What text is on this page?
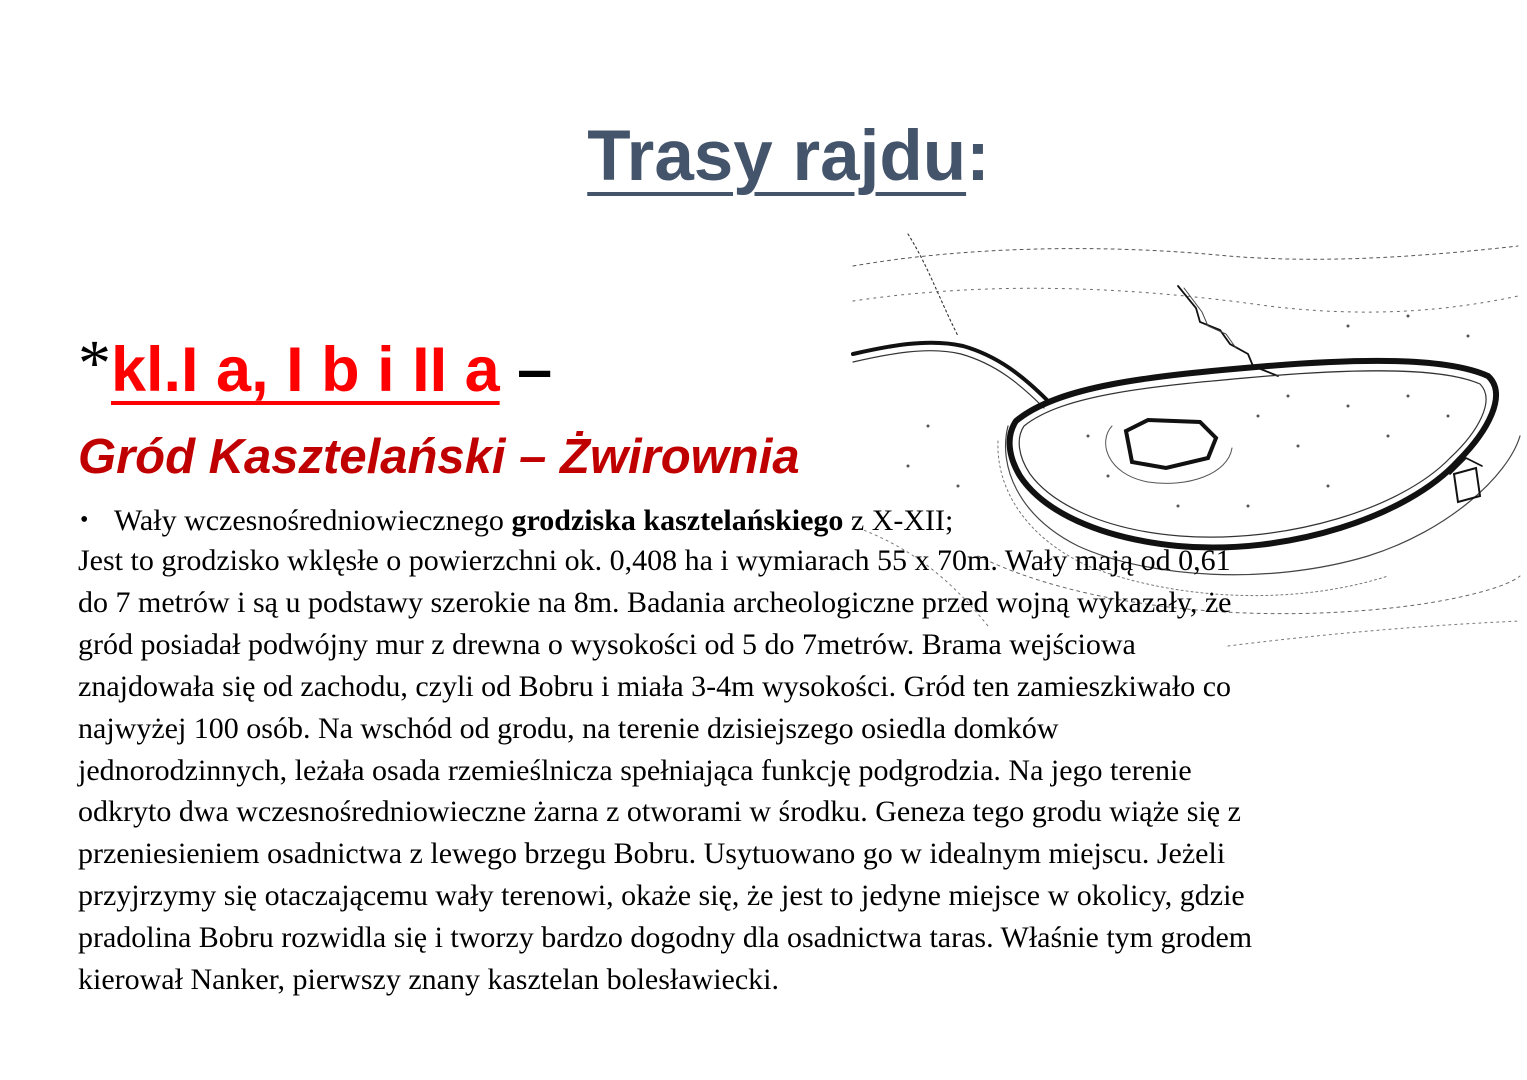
Trasy rajdu:

*kl.I a, I b i II a –

Gród Kasztelański – Żwirownia

• Wały wczesnośredniowiecznego grodziska kasztelańskiego z X-XII;

Jest to grodzisko wklęsłe o powierzchni ok. 0,408 ha i wymiarach 55 x 70m. Wały mają od 0,61
do 7 metrów i są u podstawy szerokie na 8m. Badania archeologiczne przed wojną wykazały, że
gród posiadał podwójny mur z drewna o wysokości od 5 do 7metrów. Brama wejściowa
znajdowała się od zachodu, czyli od Bobru i miała 3-4m wysokości. Gród ten zamieszkiwało co
najwyżej 100 osób. Na wschód od grodu, na terenie dzisiejszego osiedla domków
jednorodzinnych, leżała osada rzemieślnicza spełniająca funkcję podgrodzia. Na jego terenie
odkryto dwa wczesnośredniowieczne żarna z otworami w środku. Geneza tego grodu wiąże się z
przeniesieniem osadnictwa z lewego brzegu Bobru. Usytuowano go w idealnym miejscu. Jeżeli
przyjrzymy się otaczającemu wały terenowi, okaże się, że jest to jedyne miejsce w okolicy, gdzie
pradolina Bobru rozwidla się i tworzy bardzo dogodny dla osadnictwa taras. Właśnie tym grodem
kierował Nanker, pierwszy znany kasztelan bolesławiecki.
